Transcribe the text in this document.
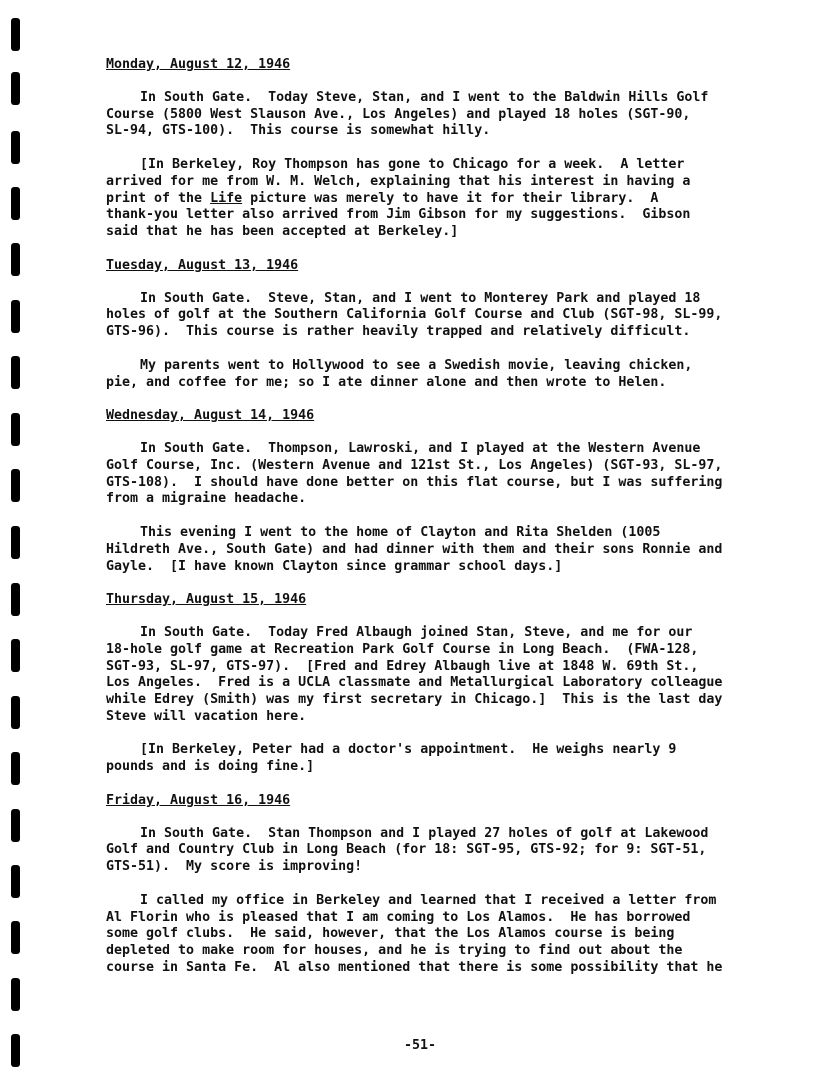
Monday, August 12, 1946
In South Gate.  Today Steve, Stan, and I went to the Baldwin Hills Golf
Course (5800 West Slauson Ave., Los Angeles) and played 18 holes (SGT-90,
SL-94, GTS-100).  This course is somewhat hilly.
[In Berkeley, Roy Thompson has gone to Chicago for a week.  A letter
arrived for me from W. M. Welch, explaining that his interest in having a
print of the Life picture was merely to have it for their library.  A
thank-you letter also arrived from Jim Gibson for my suggestions.  Gibson
said that he has been accepted at Berkeley.]
Tuesday, August 13, 1946
In South Gate.  Steve, Stan, and I went to Monterey Park and played 18
holes of golf at the Southern California Golf Course and Club (SGT-98, SL-99,
GTS-96).  This course is rather heavily trapped and relatively difficult.
My parents went to Hollywood to see a Swedish movie, leaving chicken,
pie, and coffee for me; so I ate dinner alone and then wrote to Helen.
Wednesday, August 14, 1946
In South Gate.  Thompson, Lawroski, and I played at the Western Avenue
Golf Course, Inc. (Western Avenue and 121st St., Los Angeles) (SGT-93, SL-97,
GTS-108).  I should have done better on this flat course, but I was suffering
from a migraine headache.
This evening I went to the home of Clayton and Rita Shelden (1005
Hildreth Ave., South Gate) and had dinner with them and their sons Ronnie and
Gayle.  [I have known Clayton since grammar school days.]
Thursday, August 15, 1946
In South Gate.  Today Fred Albaugh joined Stan, Steve, and me for our
18-hole golf game at Recreation Park Golf Course in Long Beach.  (FWA-128,
SGT-93, SL-97, GTS-97).  [Fred and Edrey Albaugh live at 1848 W. 69th St.,
Los Angeles.  Fred is a UCLA classmate and Metallurgical Laboratory colleague
while Edrey (Smith) was my first secretary in Chicago.]  This is the last day
Steve will vacation here.
[In Berkeley, Peter had a doctor's appointment.  He weighs nearly 9
pounds and is doing fine.]
Friday, August 16, 1946
In South Gate.  Stan Thompson and I played 27 holes of golf at Lakewood
Golf and Country Club in Long Beach (for 18: SGT-95, GTS-92; for 9: SGT-51,
GTS-51).  My score is improving!
I called my office in Berkeley and learned that I received a letter from
Al Florin who is pleased that I am coming to Los Alamos.  He has borrowed
some golf clubs.  He said, however, that the Los Alamos course is being
depleted to make room for houses, and he is trying to find out about the
course in Santa Fe.  Al also mentioned that there is some possibility that he
-51-
